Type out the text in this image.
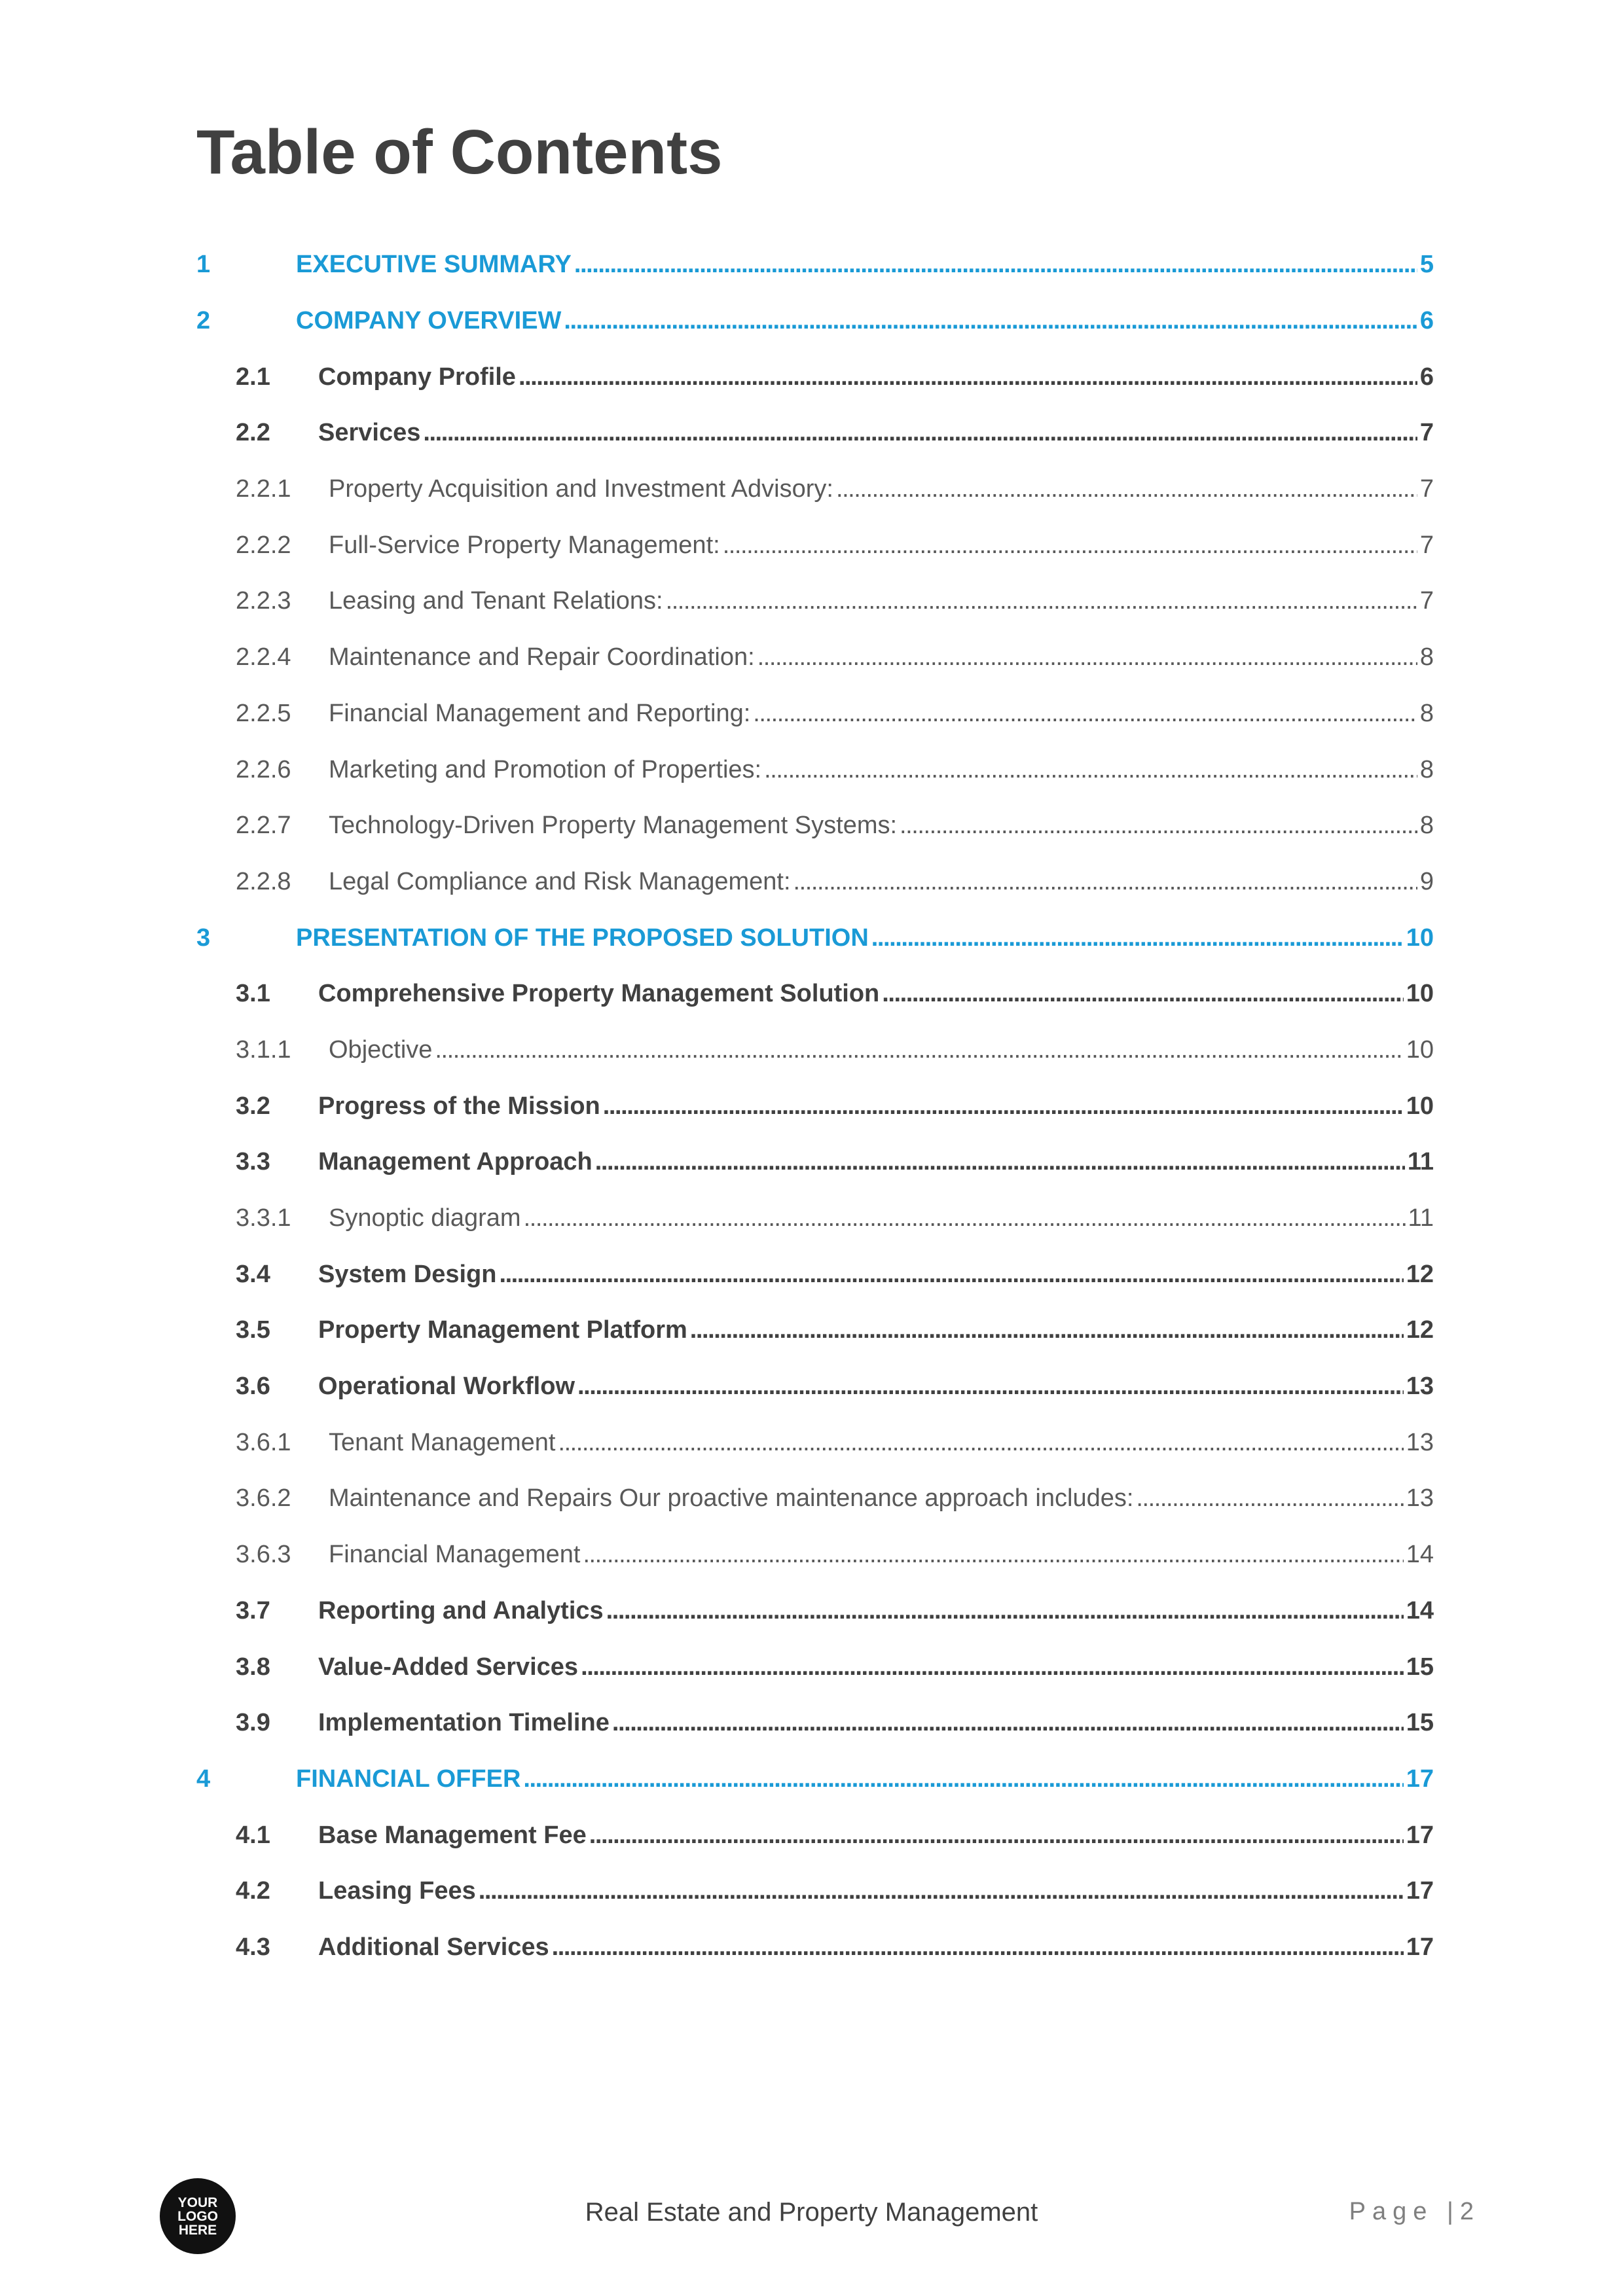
Table of Contents
1	EXECUTIVE SUMMARY . . .	5
2	COMPANY OVERVIEW . . .	6
2.1	Company Profile . . .	6
2.2	Services . . .	7
2.2.1	Property Acquisition and Investment Advisory: . . .	7
2.2.2	Full-Service Property Management: . . .	7
2.2.3	Leasing and Tenant Relations: . . .	7
2.2.4	Maintenance and Repair Coordination: . . .	8
2.2.5	Financial Management and Reporting: . . .	8
2.2.6	Marketing and Promotion of Properties: . . .	8
2.2.7	Technology-Driven Property Management Systems: . . .	8
2.2.8	Legal Compliance and Risk Management: . . .	9
3	PRESENTATION OF THE PROPOSED SOLUTION . . .	10
3.1	Comprehensive Property Management Solution . . .	10
3.1.1	Objective . . .	10
3.2	Progress of the Mission . . .	10
3.3	Management Approach . . .	11
3.3.1	Synoptic diagram . . .	11
3.4	System Design . . .	12
3.5	Property Management Platform . . .	12
3.6	Operational Workflow . . .	13
3.6.1	Tenant Management . . .	13
3.6.2	Maintenance and Repairs Our proactive maintenance approach includes: . . .	13
3.6.3	Financial Management . . .	14
3.7	Reporting and Analytics . . .	14
3.8	Value-Added Services . . .	15
3.9	Implementation Timeline . . .	15
4	FINANCIAL OFFER . . .	17
4.1	Base Management Fee . . .	17
4.2	Leasing Fees . . .	17
4.3	Additional Services . . .	17
YOUR
LOGO
HERE
Real Estate and Property Management	Page |2
